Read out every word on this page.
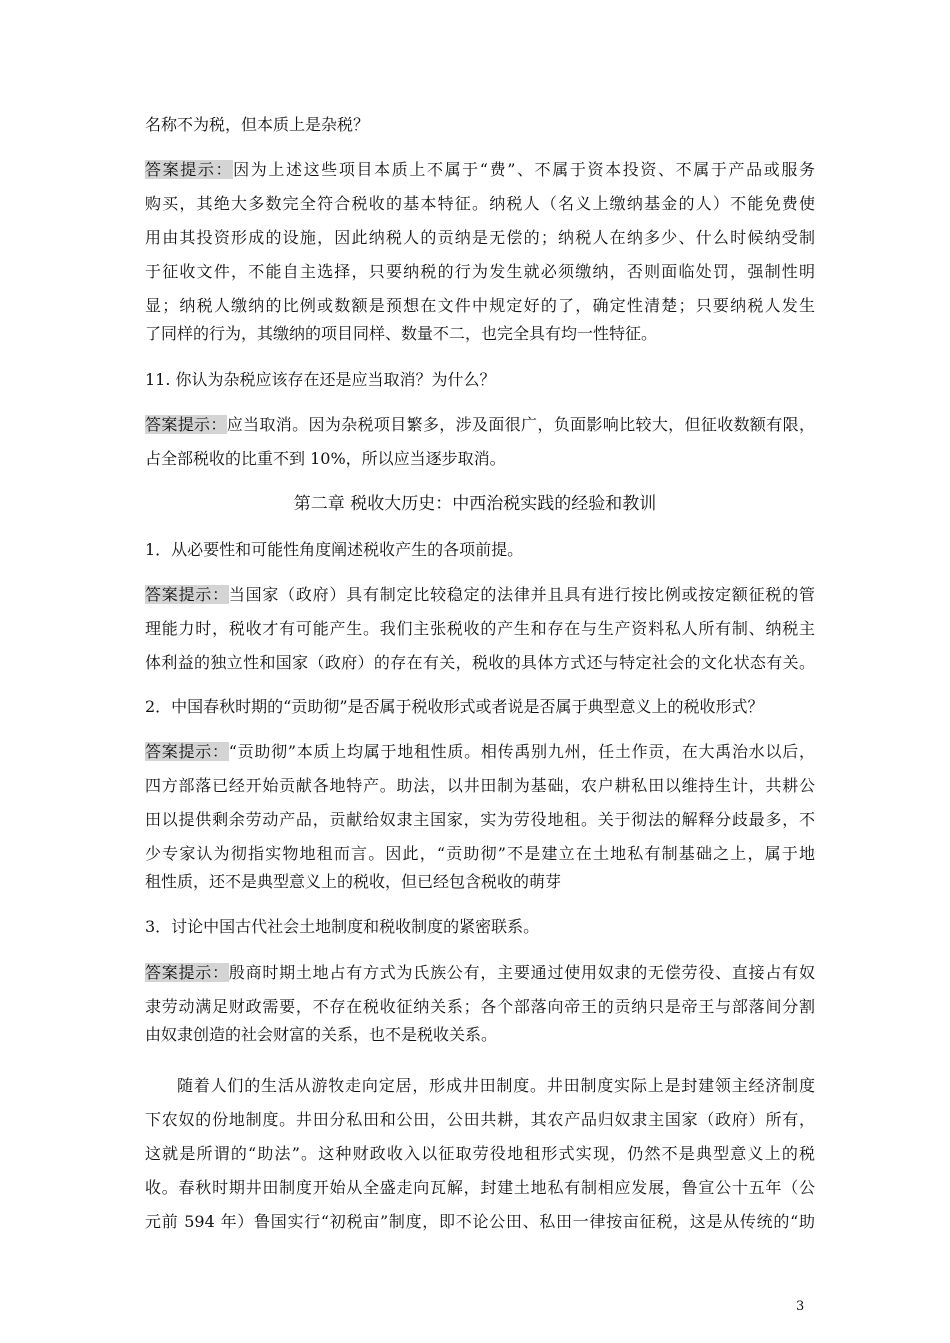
名称不为税，但本质上是杂税？
答案提示：因为上述这些项目本质上不属于“费”、不属于资本投资、不属于产品或服务
购买，其绝大多数完全符合税收的基本特征。纳税人（名义上缴纳基金的人）不能免费使
用由其投资形成的设施，因此纳税人的贡纳是无偿的；纳税人在纳多少、什么时候纳受制
于征收文件，不能自主选择，只要纳税的行为发生就必须缴纳，否则面临处罚，强制性明
显；纳税人缴纳的比例或数额是预想在文件中规定好的了，确定性清楚；只要纳税人发生
了同样的行为，其缴纳的项目同样、数量不二，也完全具有均一性特征。
11. 你认为杂税应该存在还是应当取消？为什么？
答案提示：应当取消。因为杂税项目繁多，涉及面很广，负面影响比较大，但征收数额有限，
占全部税收的比重不到 10%，所以应当逐步取消。
第二章 税收大历史：中西治税实践的经验和教训
1．从必要性和可能性角度阐述税收产生的各项前提。
答案提示：当国家（政府）具有制定比较稳定的法律并且具有进行按比例或按定额征税的管
理能力时，税收才有可能产生。我们主张税收的产生和存在与生产资料私人所有制、纳税主
体利益的独立性和国家（政府）的存在有关，税收的具体方式还与特定社会的文化状态有关。
2．中国春秋时期的“贡助彻”是否属于税收形式或者说是否属于典型意义上的税收形式？
答案提示：“贡助彻”本质上均属于地租性质。相传禹别九州，任土作贡，在大禹治水以后，
四方部落已经开始贡献各地特产。助法，以井田制为基础，农户耕私田以维持生计，共耕公
田以提供剩余劳动产品，贡献给奴隶主国家，实为劳役地租。关于彻法的解释分歧最多，不
少专家认为彻指实物地租而言。因此，“贡助彻”不是建立在土地私有制基础之上，属于地
租性质，还不是典型意义上的税收，但已经包含税收的萌芽
3．讨论中国古代社会土地制度和税收制度的紧密联系。
答案提示：殷商时期土地占有方式为氏族公有，主要通过使用奴隶的无偿劳役、直接占有奴
隶劳动满足财政需要，不存在税收征纳关系；各个部落向帝王的贡纳只是帝王与部落间分割
由奴隶创造的社会财富的关系，也不是税收关系。
随着人们的生活从游牧走向定居，形成井田制度。井田制度实际上是封建领主经济制度
下农奴的份地制度。井田分私田和公田，公田共耕，其农产品归奴隶主国家（政府）所有，
这就是所谓的“助法”。这种财政收入以征取劳役地租形式实现，仍然不是典型意义上的税
收。春秋时期井田制度开始从全盛走向瓦解，封建土地私有制相应发展，鲁宣公十五年（公
元前 594 年）鲁国实行“初税亩”制度，即不论公田、私田一律按亩征税，这是从传统的“助
3
